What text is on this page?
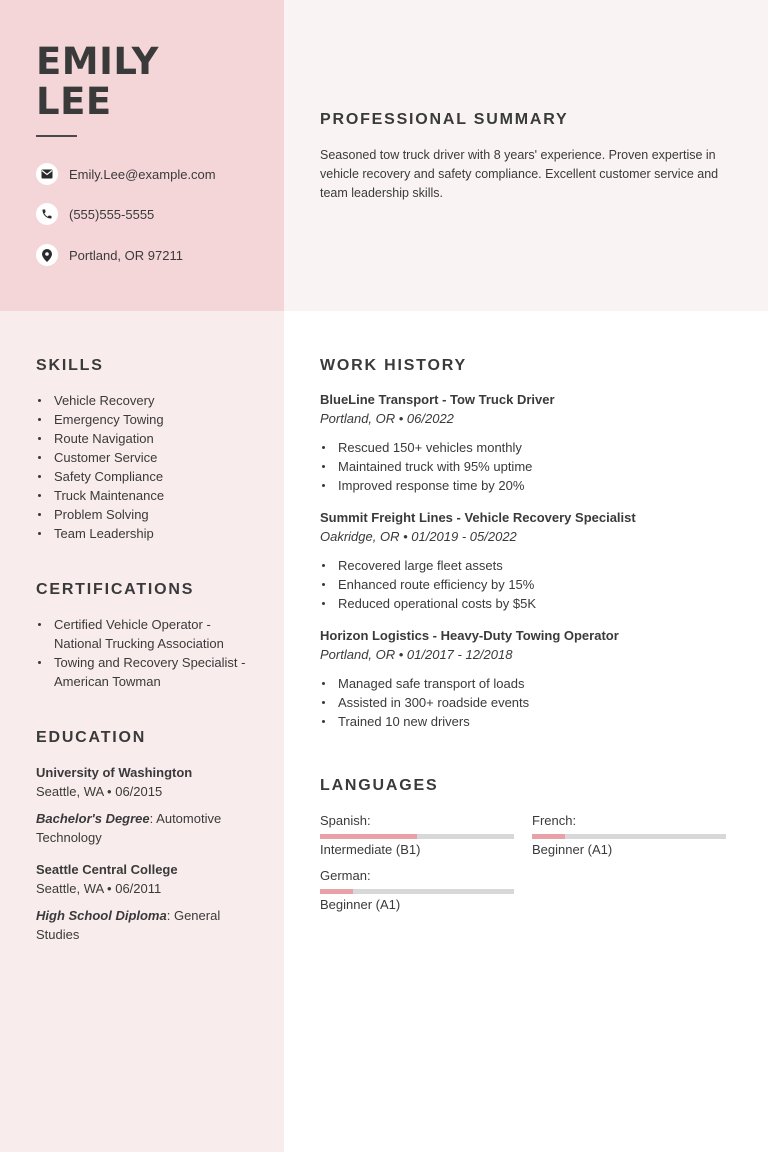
EMILY
LEE
Emily.Lee@example.com
(555)555-5555
Portland, OR 97211
PROFESSIONAL SUMMARY
Seasoned tow truck driver with 8 years' experience. Proven expertise in vehicle recovery and safety compliance. Excellent customer service and team leadership skills.
SKILLS
Vehicle Recovery
Emergency Towing
Route Navigation
Customer Service
Safety Compliance
Truck Maintenance
Problem Solving
Team Leadership
CERTIFICATIONS
Certified Vehicle Operator -
National Trucking Association
Towing and Recovery Specialist -
American Towman
EDUCATION
University of Washington
Seattle, WA • 06/2015
Bachelor's Degree: Automotive Technology
Seattle Central College
Seattle, WA • 06/2011
High School Diploma: General Studies
WORK HISTORY
BlueLine Transport - Tow Truck Driver
Portland, OR • 06/2022
Rescued 150+ vehicles monthly
Maintained truck with 95% uptime
Improved response time by 20%
Summit Freight Lines - Vehicle Recovery Specialist
Oakridge, OR • 01/2019 - 05/2022
Recovered large fleet assets
Enhanced route efficiency by 15%
Reduced operational costs by $5K
Horizon Logistics - Heavy-Duty Towing Operator
Portland, OR • 01/2017 - 12/2018
Managed safe transport of loads
Assisted in 300+ roadside events
Trained 10 new drivers
LANGUAGES
Spanish:
Intermediate (B1)
French:
Beginner (A1)
German:
Beginner (A1)
